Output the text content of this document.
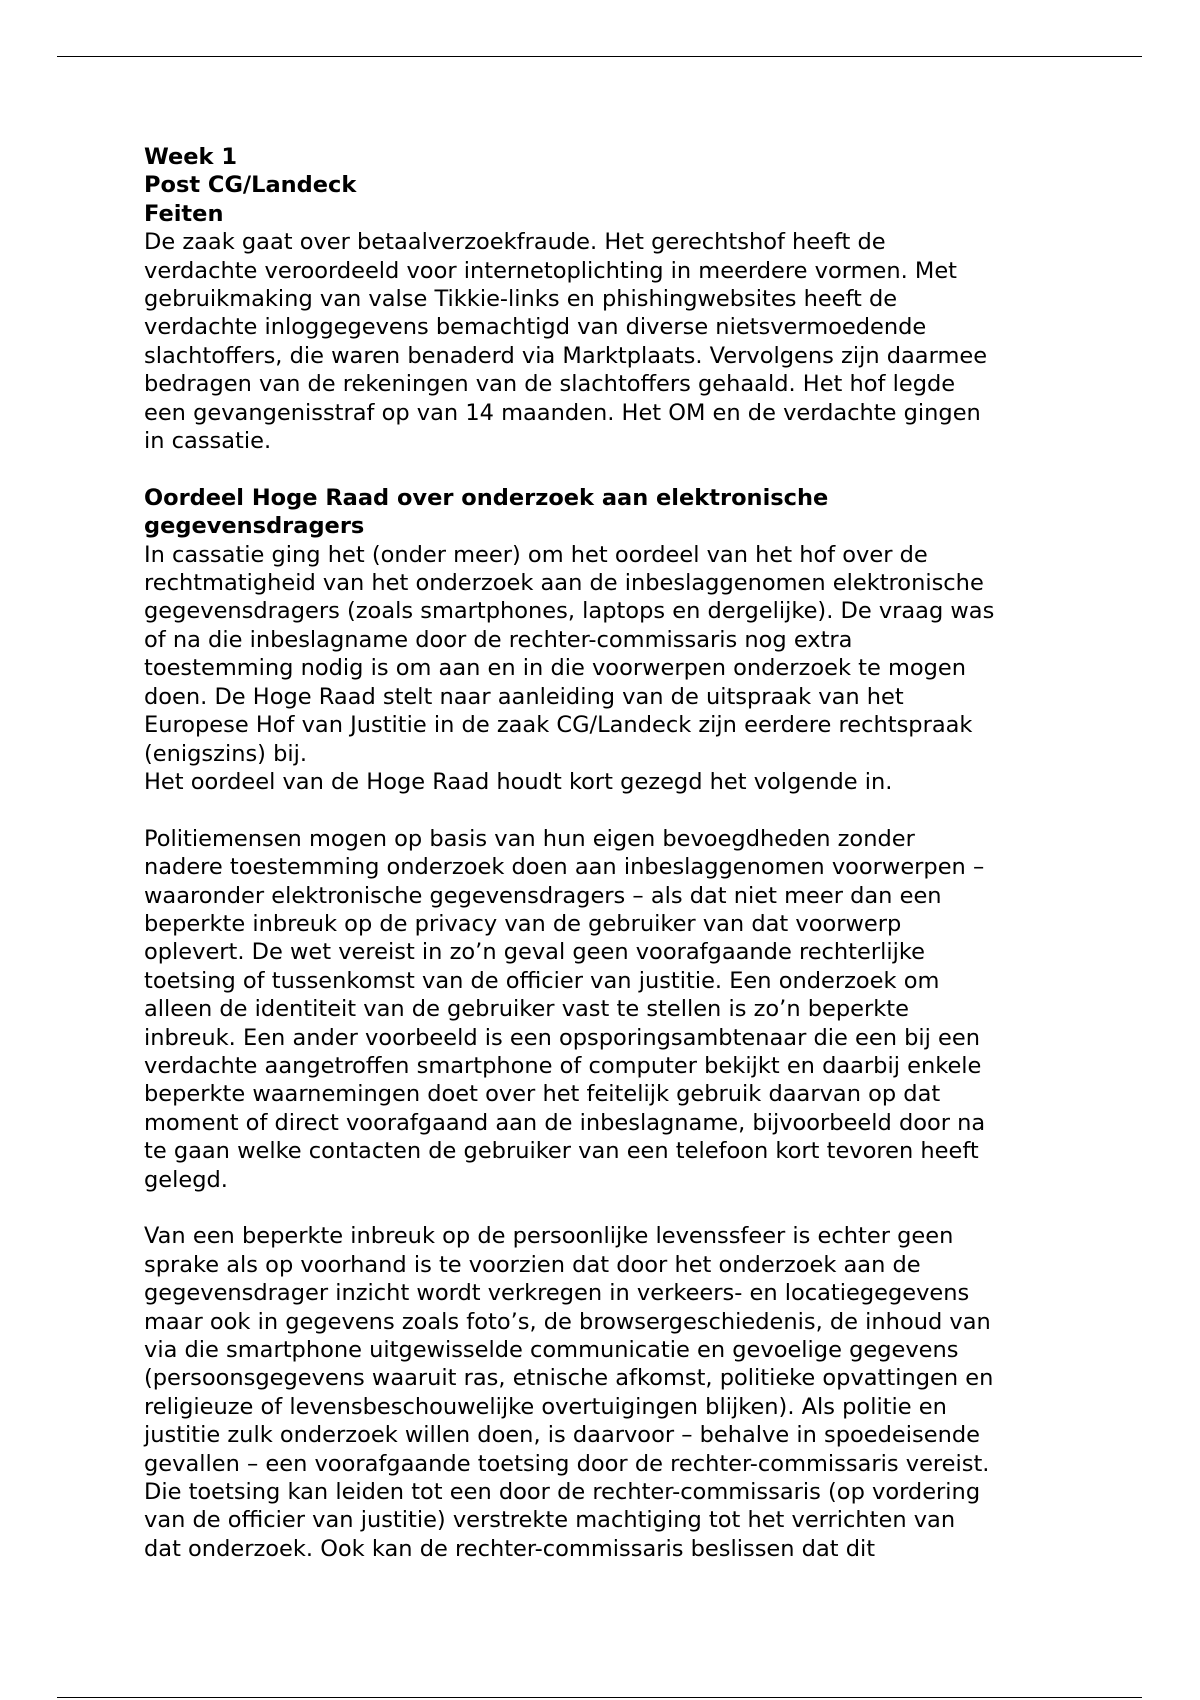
Week 1

Post CG/Landeck

Feiten

De zaak gaat over betaalverzoekfraude. Het gerechtshof heeft de
verdachte veroordeeld voor internetoplichting in meerdere vormen. Met
gebruikmaking van valse Tikkie-links en phishingwebsites heeft de
verdachte inloggegevens bemachtigd van diverse nietsvermoedende
slachtoffers, die waren benaderd via Marktplaats. Vervolgens zijn daarmee
bedragen van de rekeningen van de slachtoffers gehaald. Het hof legde
een gevangenisstraf op van 14 maanden. Het OM en de verdachte gingen
in cassatie.

Oordeel Hoge Raad over onderzoek aan elektronische
gegevensdragers

In cassatie ging het (onder meer) om het oordeel van het hof over de
rechtmatigheid van het onderzoek aan de inbeslaggenomen elektronische
gegevensdragers (zoals smartphones, laptops en dergelijke). De vraag was
of na die inbeslagname door de rechter-commissaris nog extra
toestemming nodig is om aan en in die voorwerpen onderzoek te mogen
doen. De Hoge Raad stelt naar aanleiding van de uitspraak van het
Europese Hof van Justitie in de zaak CG/Landeck zijn eerdere rechtspraak
(enigszins) bij.

Het oordeel van de Hoge Raad houdt kort gezegd het volgende in.

Politiemensen mogen op basis van hun eigen bevoegdheden zonder
nadere toestemming onderzoek doen aan inbeslaggenomen voorwerpen –
waaronder elektronische gegevensdragers – als dat niet meer dan een
beperkte inbreuk op de privacy van de gebruiker van dat voorwerp
oplevert. De wet vereist in zo’n geval geen voorafgaande rechterlijke
toetsing of tussenkomst van de officier van justitie. Een onderzoek om
alleen de identiteit van de gebruiker vast te stellen is zo’n beperkte
inbreuk. Een ander voorbeeld is een opsporingsambtenaar die een bij een
verdachte aangetroffen smartphone of computer bekijkt en daarbij enkele
beperkte waarnemingen doet over het feitelijk gebruik daarvan op dat
moment of direct voorafgaand aan de inbeslagname, bijvoorbeeld door na
te gaan welke contacten de gebruiker van een telefoon kort tevoren heeft
gelegd.

Van een beperkte inbreuk op de persoonlijke levenssfeer is echter geen
sprake als op voorhand is te voorzien dat door het onderzoek aan de
gegevensdrager inzicht wordt verkregen in verkeers- en locatiegegevens
maar ook in gegevens zoals foto’s, de browsergeschiedenis, de inhoud van
via die smartphone uitgewisselde communicatie en gevoelige gegevens
(persoonsgegevens waaruit ras, etnische afkomst, politieke opvattingen en
religieuze of levensbeschouwelijke overtuigingen blijken). Als politie en
justitie zulk onderzoek willen doen, is daarvoor – behalve in spoedeisende
gevallen – een voorafgaande toetsing door de rechter-commissaris vereist.
Die toetsing kan leiden tot een door de rechter-commissaris (op vordering
van de officier van justitie) verstrekte machtiging tot het verrichten van
dat onderzoek. Ook kan de rechter-commissaris beslissen dat dit
